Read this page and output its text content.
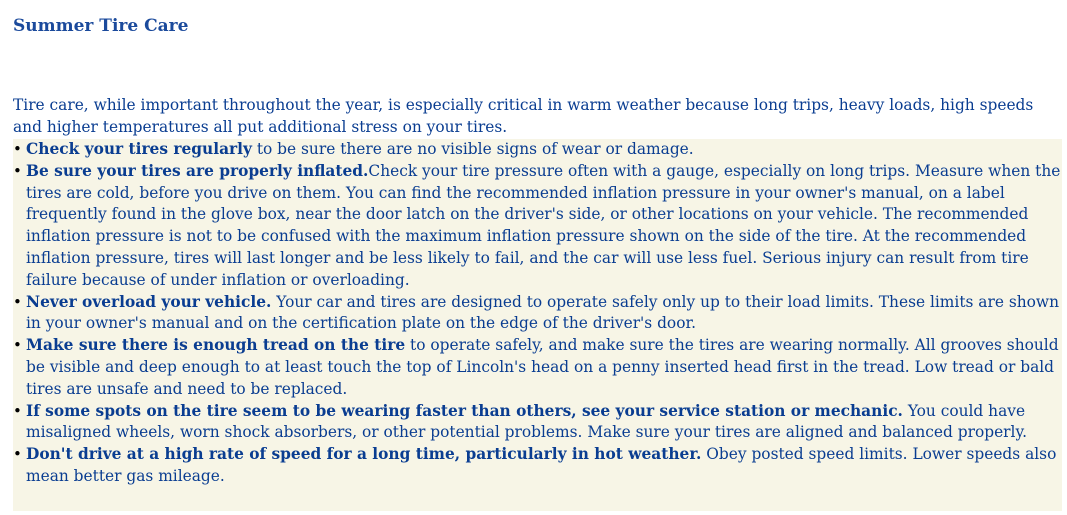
Summer Tire Care

Tire care, while important throughout the year, is especially critical in warm weather because long trips, heavy loads, high speeds and higher temperatures all put additional stress on your tires.

• Check your tires regularly to be sure there are no visible signs of wear or damage.
• Be sure your tires are properly inflated.Check your tire pressure often with a gauge, especially on long trips. Measure when the tires are cold, before you drive on them. You can find the recommended inflation pressure in your owner's manual, on a label frequently found in the glove box, near the door latch on the driver's side, or other locations on your vehicle. The recommended inflation pressure is not to be confused with the maximum inflation pressure shown on the side of the tire. At the recommended inflation pressure, tires will last longer and be less likely to fail, and the car will use less fuel. Serious injury can result from tire failure because of under inflation or overloading.
• Never overload your vehicle. Your car and tires are designed to operate safely only up to their load limits. These limits are shown in your owner's manual and on the certification plate on the edge of the driver's door.
• Make sure there is enough tread on the tire to operate safely, and make sure the tires are wearing normally. All grooves should be visible and deep enough to at least touch the top of Lincoln's head on a penny inserted head first in the tread. Low tread or bald tires are unsafe and need to be replaced.
• If some spots on the tire seem to be wearing faster than others, see your service station or mechanic. You could have misaligned wheels, worn shock absorbers, or other potential problems. Make sure your tires are aligned and balanced properly.
• Don't drive at a high rate of speed for a long time, particularly in hot weather. Obey posted speed limits. Lower speeds also mean better gas mileage.
